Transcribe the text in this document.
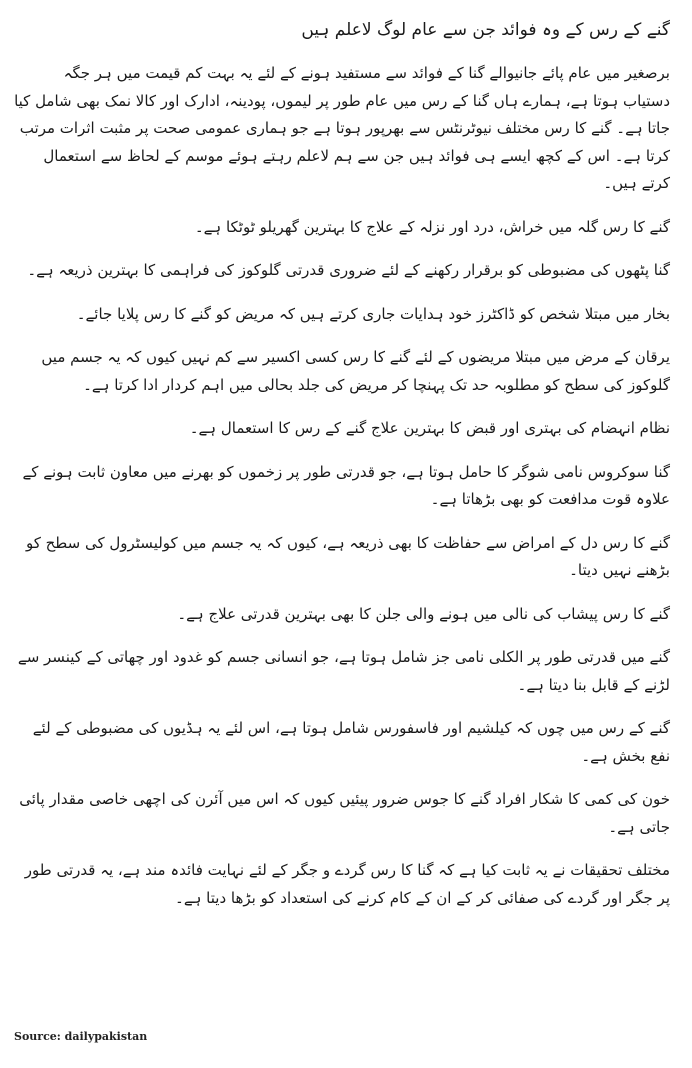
گنے کے رس کے وہ فوائد جن سے عام لوگ لاعلم ہیں

برصغیر میں عام پائے جانیوالے گنا کے فوائد سے مستفید ہونے کے لئے یہ بہت کم قیمت میں ہر جگہ دستیاب ہوتا ہے، ہمارے ہاں گنا کے رس میں عام طور پر لیموں، پودینہ، ادارک اور کالا نمک بھی شامل کیا جاتا ہے۔ گنے کا رس مختلف نیوٹرنٹس سے بھرپور ہوتا ہے جو ہماری عمومی صحت پر مثبت اثرات مرتب کرتا ہے۔ اس کے کچھ ایسے ہی فوائد ہیں جن سے ہم لاعلم رہتے ہوئے موسم کے لحاظ سے استعمال کرتے ہیں۔

گنے کا رس گلہ میں خراش، درد اور نزلہ کے علاج کا بہترین گھریلو ٹوٹکا ہے۔

گنا پٹھوں کی مضبوطی کو برقرار رکھنے کے لئے ضروری قدرتی گلوکوز کی فراہمی کا بہترین ذریعہ ہے۔

بخار میں مبتلا شخص کو ڈاکٹرز خود ہدایات جاری کرتے ہیں کہ مریض کو گنے کا رس پلایا جائے۔

یرقان کے مرض میں مبتلا مریضوں کے لئے گنے کا رس کسی اکسیر سے کم نہیں کیوں کہ یہ جسم میں گلوکوز کی سطح کو مطلوبہ حد تک پہنچا کر مریض کی جلد بحالی میں اہم کردار ادا کرتا ہے۔

نظام انہضام کی بہتری اور قبض کا بہترین علاج گنے کے رس کا استعمال ہے۔

گنا سوکروس نامی شوگر کا حامل ہوتا ہے، جو قدرتی طور پر زخموں کو بھرنے میں معاون ثابت ہونے کے علاوہ قوت مدافعت کو بھی بڑھاتا ہے۔

گنے کا رس دل کے امراض سے حفاظت کا بھی ذریعہ ہے، کیوں کہ یہ جسم میں کولیسٹرول کی سطح کو بڑھنے نہیں دیتا۔

گنے کا رس پیشاب کی نالی میں ہونے والی جلن کا بھی بہترین قدرتی علاج ہے۔

گنے میں قدرتی طور پر الکلی نامی جز شامل ہوتا ہے، جو انسانی جسم کو غدود اور چھاتی کے کینسر سے لڑنے کے قابل بنا دیتا ہے۔

گنے کے رس میں چوں کہ کیلشیم اور فاسفورس شامل ہوتا ہے، اس لئے یہ ہڈیوں کی مضبوطی کے لئے نفع بخش ہے۔

خون کی کمی کا شکار افراد گنے کا جوس ضرور پیئیں کیوں کہ اس میں آئرن کی اچھی خاصی مقدار پائی جاتی ہے۔

مختلف تحقیقات نے یہ ثابت کیا ہے کہ گنا کا رس گردے و جگر کے لئے نہایت فائدہ مند ہے، یہ قدرتی طور پر جگر اور گردے کی صفائی کر کے ان کے کام کرنے کی استعداد کو بڑھا دیتا ہے۔

Source: dailypakistan
